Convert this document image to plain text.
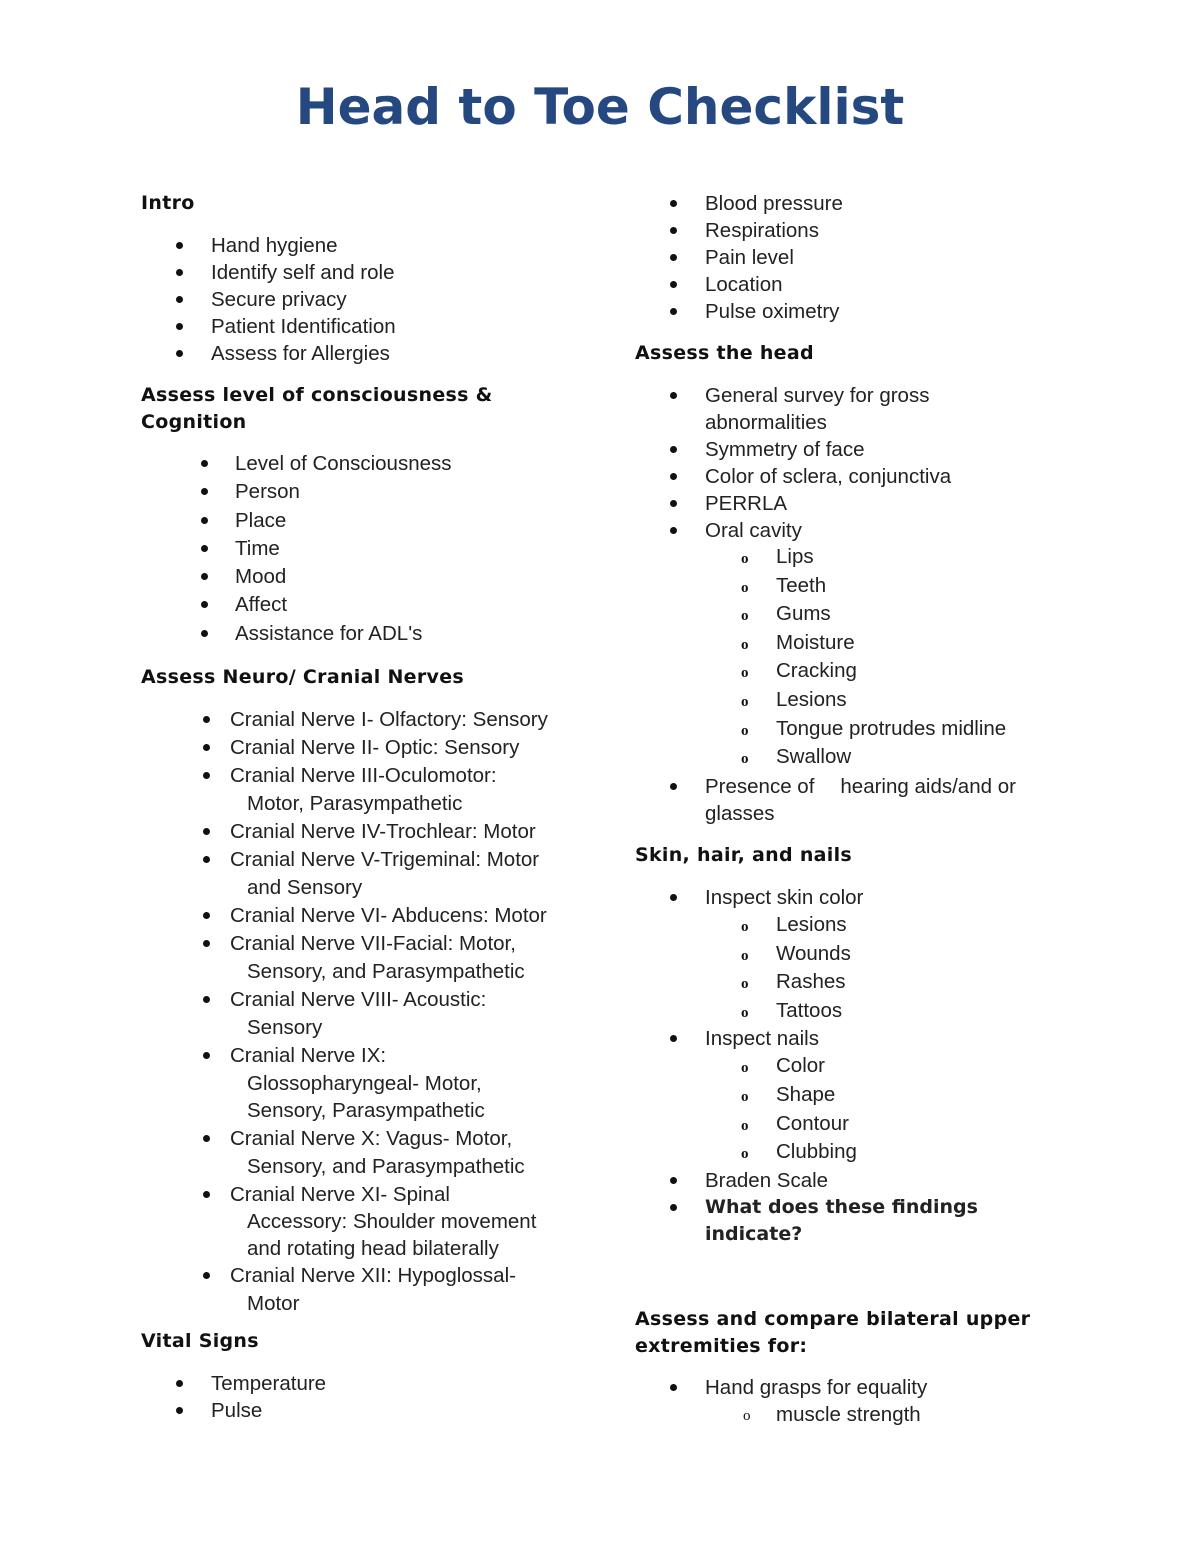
Head to Toe Checklist
Intro
Hand hygiene
Identify self and role
Secure privacy
Patient Identification
Assess for Allergies
Assess level of consciousness &
Cognition
Level of Consciousness
Person
Place
Time
Mood
Affect
Assistance for ADL's
Assess Neuro/ Cranial Nerves
Cranial Nerve I- Olfactory: Sensory
Cranial Nerve II- Optic: Sensory
Cranial Nerve III-Oculomotor:
Motor, Parasympathetic
Cranial Nerve IV-Trochlear: Motor
Cranial Nerve V-Trigeminal: Motor
and Sensory
Cranial Nerve VI- Abducens: Motor
Cranial Nerve VII-Facial: Motor,
Sensory, and Parasympathetic
Cranial Nerve VIII- Acoustic:
Sensory
Cranial Nerve IX:
Glossopharyngeal- Motor,
Sensory, Parasympathetic
Cranial Nerve X: Vagus- Motor,
Sensory, and Parasympathetic
Cranial Nerve XI- Spinal
Accessory: Shoulder movement
and rotating head bilaterally
Cranial Nerve XII: Hypoglossal-
Motor
Vital Signs
Temperature
Pulse
Blood pressure
Respirations
Pain level
Location
Pulse oximetry
Assess the head
General survey for gross
abnormalities
Symmetry of face
Color of sclera, conjunctiva
PERRLA
Oral cavity
o Lips
o Teeth
o Gums
o Moisture
o Cracking
o Lesions
o Tongue protrudes midline
o Swallow
Presence of hearing aids/and or
glasses
Skin, hair, and nails
Inspect skin color
o Lesions
o Wounds
o Rashes
o Tattoos
Inspect nails
o Color
o Shape
o Contour
o Clubbing
Braden Scale
What does these findings
indicate?
Assess and compare bilateral upper
extremities for:
Hand grasps for equality
o muscle strength
